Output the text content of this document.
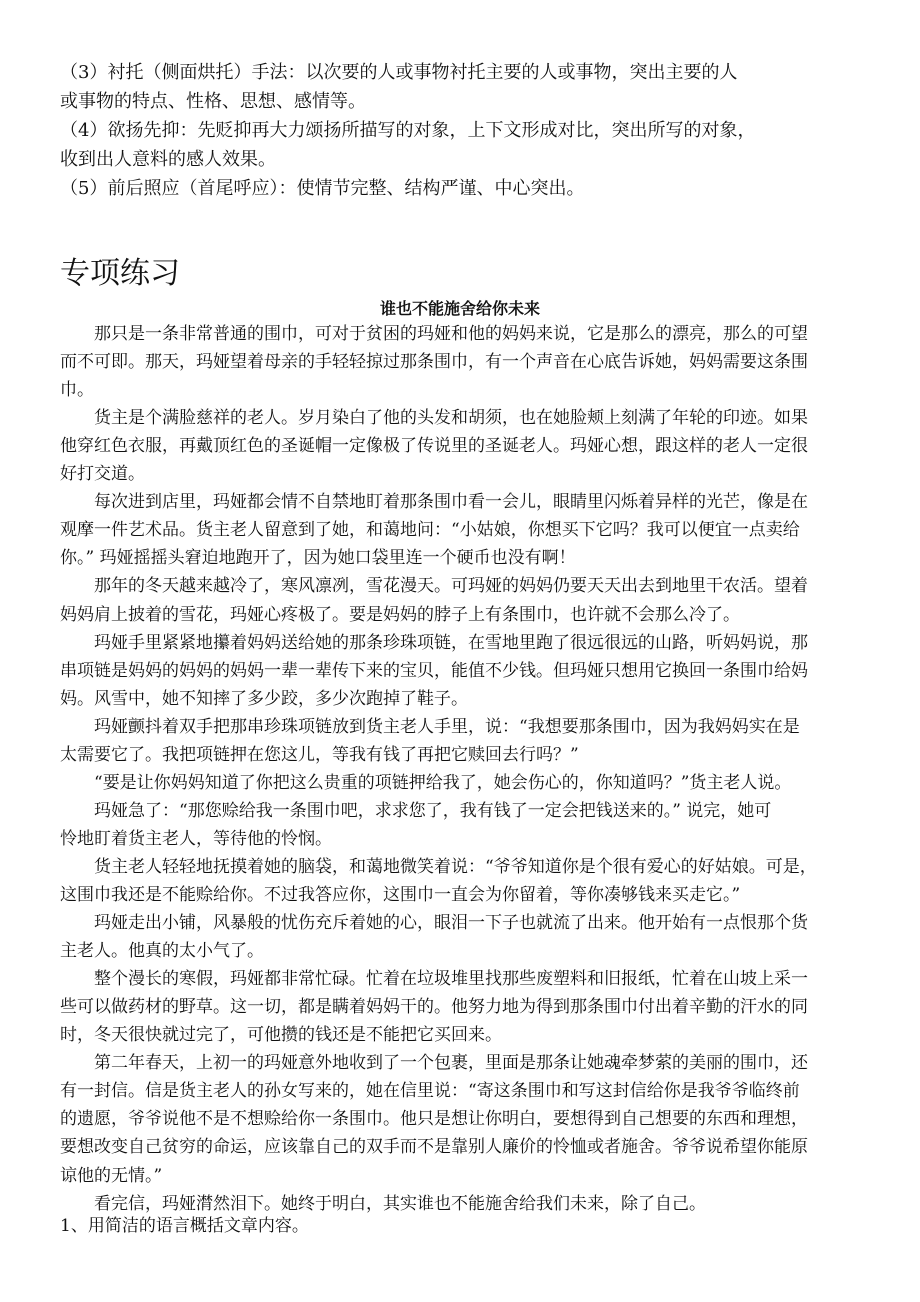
（3）衬托（侧面烘托）手法：以次要的人或事物衬托主要的人或事物，突出主要的人
或事物的特点、性格、思想、感情等。
（4）欲扬先抑：先贬抑再大力颂扬所描写的对象，上下文形成对比，突出所写的对象，
收到出人意料的感人效果。
（5）前后照应（首尾呼应）：使情节完整、结构严谨、中心突出。
专项练习
谁也不能施舍给你未来
那只是一条非常普通的围巾，可对于贫困的玛娅和他的妈妈来说，它是那么的漂亮，那么的可望
而不可即。那天，玛娅望着母亲的手轻轻掠过那条围巾，有一个声音在心底告诉她，妈妈需要这条围
巾。
货主是个满脸慈祥的老人。岁月染白了他的头发和胡须，也在她脸颊上刻满了年轮的印迹。如果
他穿红色衣服，再戴顶红色的圣诞帽一定像极了传说里的圣诞老人。玛娅心想，跟这样的老人一定很
好打交道。
每次进到店里，玛娅都会情不自禁地盯着那条围巾看一会儿，眼睛里闪烁着异样的光芒，像是在
观摩一件艺术品。货主老人留意到了她，和蔼地问：“小姑娘，你想买下它吗？我可以便宜一点卖给
你。” 玛娅摇摇头窘迫地跑开了，因为她口袋里连一个硬币也没有啊！
那年的冬天越来越冷了，寒风凛冽，雪花漫天。可玛娅的妈妈仍要天天出去到地里干农活。望着
妈妈肩上披着的雪花，玛娅心疼极了。要是妈妈的脖子上有条围巾，也许就不会那么冷了。
玛娅手里紧紧地攥着妈妈送给她的那条珍珠项链，在雪地里跑了很远很远的山路，听妈妈说，那
串项链是妈妈的妈妈的妈妈一辈一辈传下来的宝贝，能值不少钱。但玛娅只想用它换回一条围巾给妈
妈。风雪中，她不知摔了多少跤，多少次跑掉了鞋子。
玛娅颤抖着双手把那串珍珠项链放到货主老人手里，说：“我想要那条围巾，因为我妈妈实在是
太需要它了。我把项链押在您这儿，等我有钱了再把它赎回去行吗？”
“要是让你妈妈知道了你把这么贵重的项链押给我了，她会伤心的，你知道吗？”货主老人说。
玛娅急了：“那您赊给我一条围巾吧，求求您了，我有钱了一定会把钱送来的。” 说完，她可
怜地盯着货主老人，等待他的怜悯。
货主老人轻轻地抚摸着她的脑袋，和蔼地微笑着说：“爷爷知道你是个很有爱心的好姑娘。可是，
这围巾我还是不能赊给你。不过我答应你，这围巾一直会为你留着，等你凑够钱来买走它。”
玛娅走出小铺，风暴般的忧伤充斥着她的心，眼泪一下子也就流了出来。他开始有一点恨那个货
主老人。他真的太小气了。
整个漫长的寒假，玛娅都非常忙碌。忙着在垃圾堆里找那些废塑料和旧报纸，忙着在山坡上采一
些可以做药材的野草。这一切，都是瞒着妈妈干的。他努力地为得到那条围巾付出着辛勤的汗水的同
时，冬天很快就过完了，可他攒的钱还是不能把它买回来。
第二年春天，上初一的玛娅意外地收到了一个包裹，里面是那条让她魂牵梦萦的美丽的围巾，还
有一封信。信是货主老人的孙女写来的，她在信里说：“寄这条围巾和写这封信给你是我爷爷临终前
的遗愿，爷爷说他不是不想赊给你一条围巾。他只是想让你明白，要想得到自己想要的东西和理想，
要想改变自己贫穷的命运，应该靠自己的双手而不是靠别人廉价的怜恤或者施舍。爷爷说希望你能原
谅他的无情。”
看完信，玛娅潸然泪下。她终于明白，其实谁也不能施舍给我们未来，除了自己。
1、用简洁的语言概括文章内容。
